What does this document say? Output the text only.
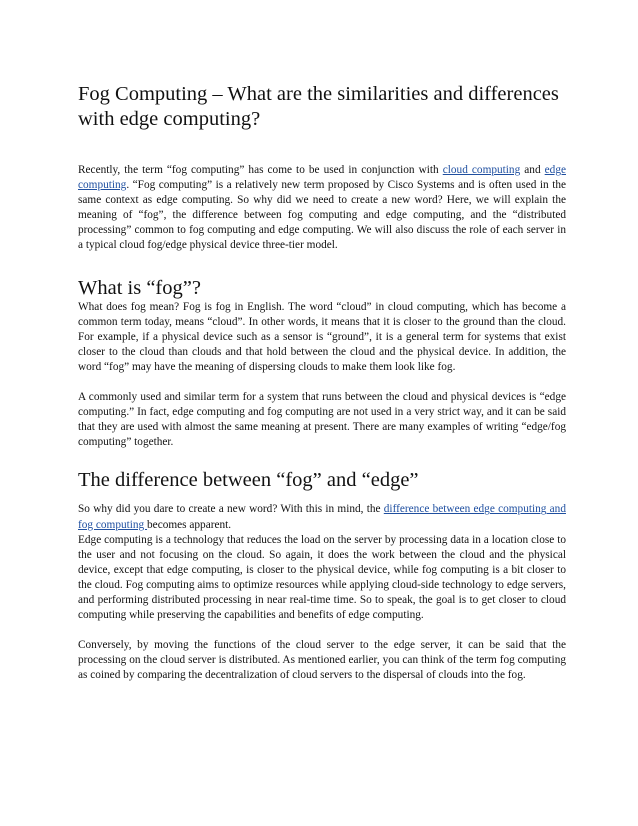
Fog Computing – What are the similarities and differences with edge computing?

Recently, the term “fog computing” has come to be used in conjunction with cloud computing and edge computing. “Fog computing” is a relatively new term proposed by Cisco Systems and is often used in the same context as edge computing. So why did we need to create a new word? Here, we will explain the meaning of “fog”, the difference between fog computing and edge computing, and the “distributed processing” common to fog computing and edge computing. We will also discuss the role of each server in a typical cloud fog/edge physical device three-tier model.

What is “fog”?

What does fog mean? Fog is fog in English. The word “cloud” in cloud computing, which has become a common term today, means “cloud”. In other words, it means that it is closer to the ground than the cloud. For example, if a physical device such as a sensor is “ground”, it is a general term for systems that exist closer to the cloud than clouds and that hold between the cloud and the physical device. In addition, the word “fog” may have the meaning of dispersing clouds to make them look like fog.

A commonly used and similar term for a system that runs between the cloud and physical devices is “edge computing.” In fact, edge computing and fog computing are not used in a very strict way, and it can be said that they are used with almost the same meaning at present. There are many examples of writing “edge/fog computing” together.

The difference between “fog” and “edge”

So why did you dare to create a new word? With this in mind, the difference between edge computing and fog computing becomes apparent.

Edge computing is a technology that reduces the load on the server by processing data in a location close to the user and not focusing on the cloud. So again, it does the work between the cloud and the physical device, except that edge computing, is closer to the physical device, while fog computing is a bit closer to the cloud. Fog computing aims to optimize resources while applying cloud-side technology to edge servers, and performing distributed processing in near real-time time. So to speak, the goal is to get closer to cloud computing while preserving the capabilities and benefits of edge computing.

Conversely, by moving the functions of the cloud server to the edge server, it can be said that the processing on the cloud server is distributed. As mentioned earlier, you can think of the term fog computing as coined by comparing the decentralization of cloud servers to the dispersal of clouds into the fog.
